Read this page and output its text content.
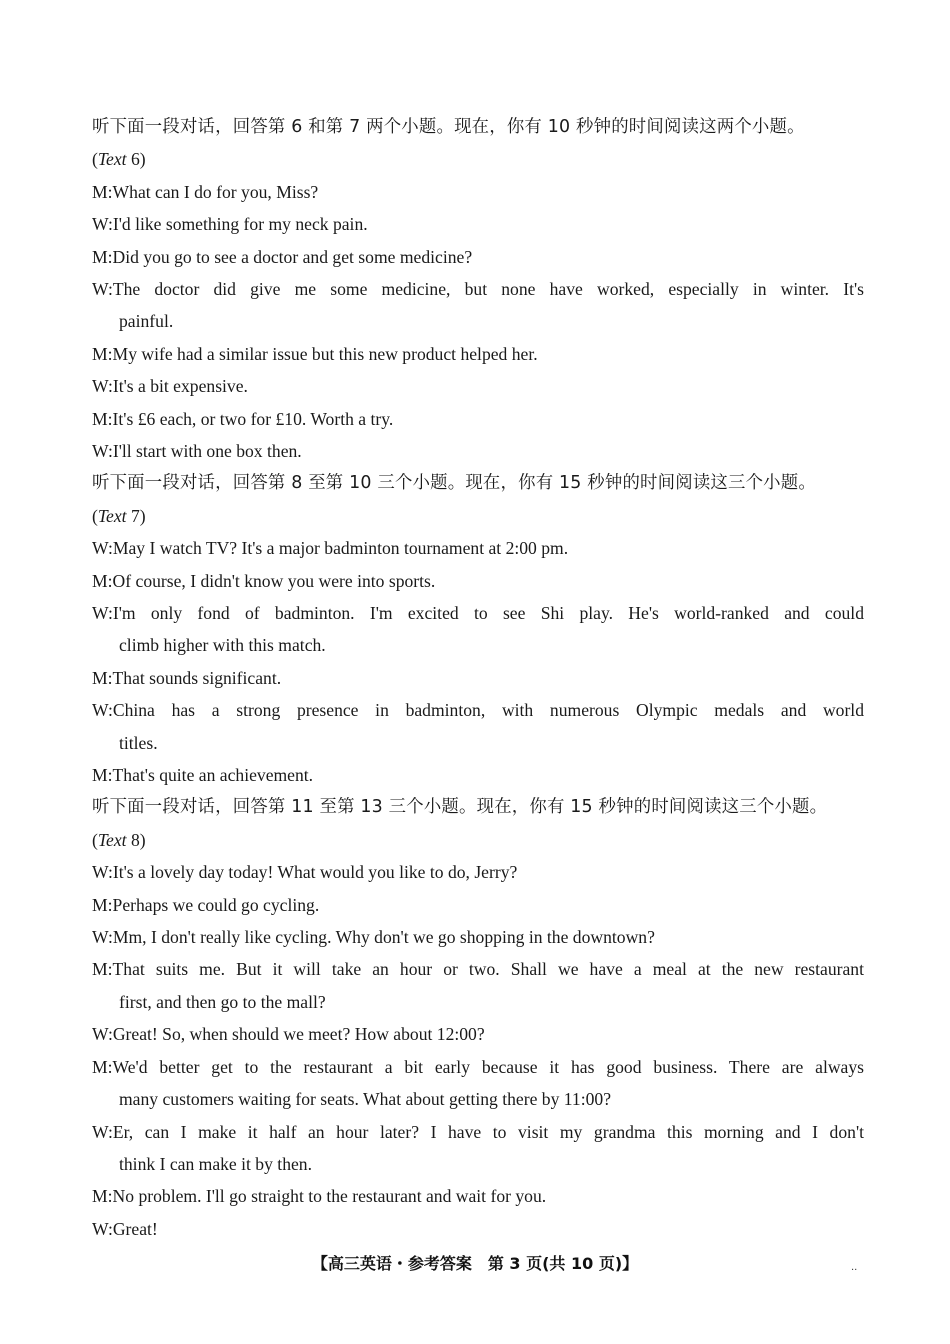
听下面一段对话，回答第 6 和第 7 两个小题。现在，你有 10 秒钟的时间阅读这两个小题。
(Text 6)
M: What can I do for you, Miss?
W: I'd like something for my neck pain.
M: Did you go to see a doctor and get some medicine?
W: The doctor did give me some medicine, but none have worked, especially in winter. It's
painful.
M: My wife had a similar issue but this new product helped her.
W: It's a bit expensive.
M: It's £6 each, or two for £10. Worth a try.
W: I'll start with one box then.
听下面一段对话，回答第 8 至第 10 三个小题。现在，你有 15 秒钟的时间阅读这三个小题。
(Text 7)
W: May I watch TV? It's a major badminton tournament at 2:00 pm.
M: Of course, I didn't know you were into sports.
W: I'm only fond of badminton. I'm excited to see Shi play. He's world-ranked and could
climb higher with this match.
M: That sounds significant.
W: China has a strong presence in badminton, with numerous Olympic medals and world
titles.
M: That's quite an achievement.
听下面一段对话，回答第 11 至第 13 三个小题。现在，你有 15 秒钟的时间阅读这三个小题。
(Text 8)
W: It's a lovely day today! What would you like to do, Jerry?
M: Perhaps we could go cycling.
W: Mm, I don't really like cycling. Why don't we go shopping in the downtown?
M: That suits me. But it will take an hour or two. Shall we have a meal at the new restaurant
first, and then go to the mall?
W: Great! So, when should we meet? How about 12:00?
M: We'd better get to the restaurant a bit early because it has good business. There are always
many customers waiting for seats. What about getting there by 11:00?
W: Er, can I make it half an hour later? I have to visit my grandma this morning and I don't
think I can make it by then.
M: No problem. I'll go straight to the restaurant and wait for you.
W: Great!
【高三英语・参考答案　第 3 页(共 10 页)】	..
